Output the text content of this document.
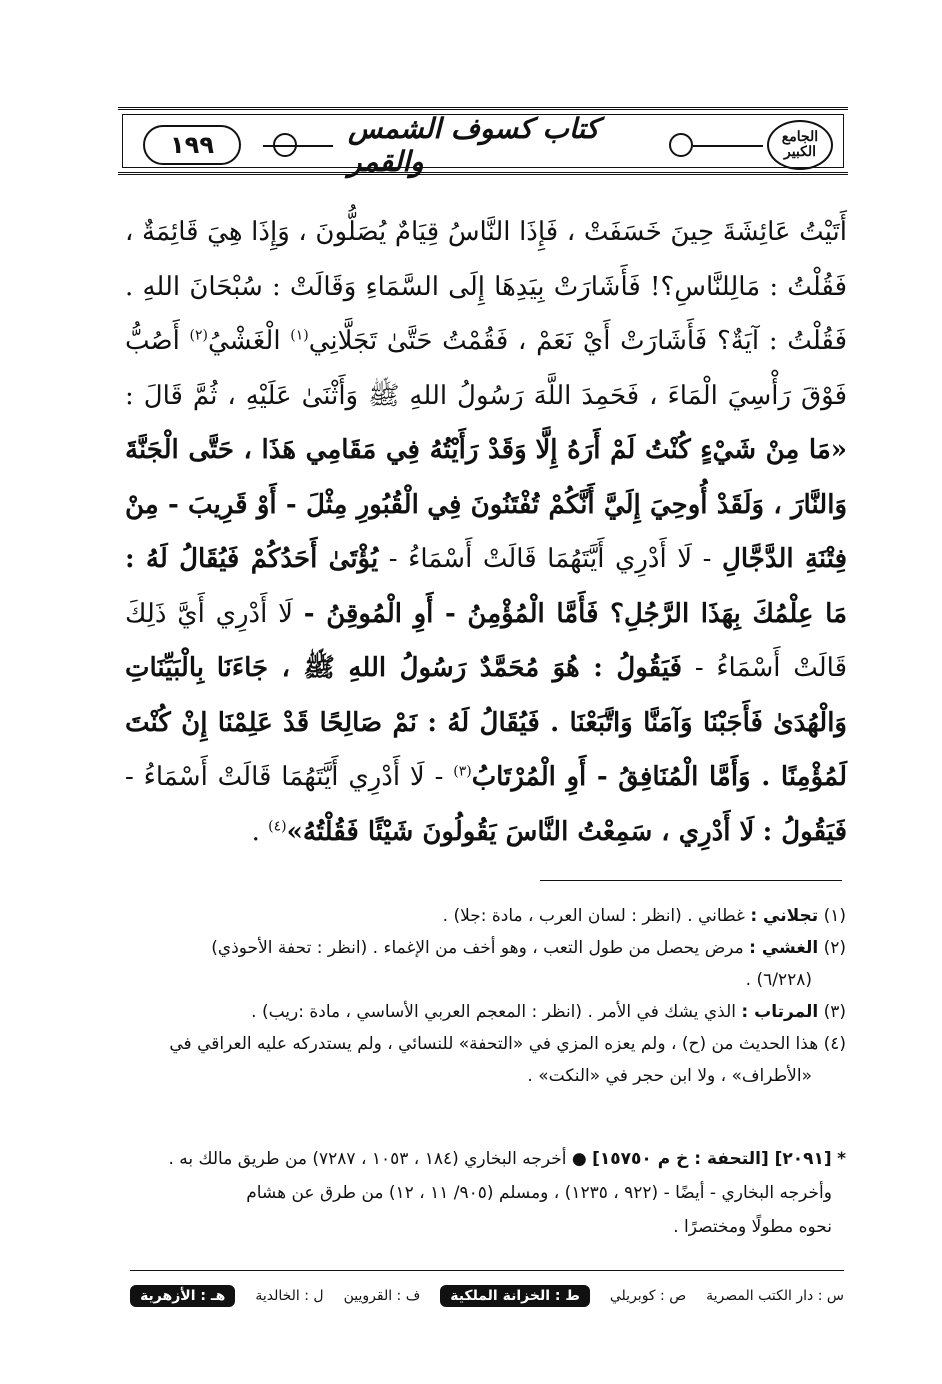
١٩٩	كتاب كسوف الشمس والقمر
الجامع الكبير
أَتَيْتُ عَائِشَةَ حِينَ خَسَفَتْ ، فَإِذَا النَّاسُ قِيَامٌ يُصَلُّونَ ، وَإِذَا هِيَ قَائِمَةٌ ، فَقُلْتُ : مَالِلنَّاسِ؟! فَأَشَارَتْ بِيَدِهَا إِلَى السَّمَاءِ وَقَالَتْ : سُبْحَانَ اللهِ . فَقُلْتُ : آيَةٌ؟ فَأَشَارَتْ أَيْ نَعَمْ ، فَقُمْتُ حَتَّىٰ تَجَلَّانِي$^{(١)}$ الْغَشْيُ$^{(٢)}$ أَصُبُّ فَوْقَ رَأْسِيَ الْمَاءَ ، فَحَمِدَ اللَّهَ رَسُولُ اللهِ ﷺ وَأَثْنَىٰ عَلَيْهِ ، ثُمَّ قَالَ : «مَا مِنْ شَيْءٍ كُنْتُ لَمْ أَرَهُ إِلَّا وَقَدْ رَأَيْتُهُ فِي مَقَامِي هَذَا ، حَتَّى الْجَنَّةَ وَالنَّارَ ، وَلَقَدْ أُوحِيَ إِلَيَّ أَنَّكُمْ تُفْتَنُونَ فِي الْقُبُورِ مِثْلَ - أَوْ قَرِيبَ - مِنْ فِتْنَةِ الدَّجَّالِ - لَا أَدْرِي أَيَّتَهُمَا قَالَتْ أَسْمَاءُ - يُؤْتَىٰ أَحَدُكُمْ فَيُقَالُ لَهُ : مَا عِلْمُكَ بِهَذَا الرَّجُلِ؟ فَأَمَّا الْمُؤْمِنُ - أَوِ الْمُوقِنُ - لَا أَدْرِي أَيَّ ذَلِكَ قَالَتْ أَسْمَاءُ - فَيَقُولُ : هُوَ مُحَمَّدٌ رَسُولُ اللهِ ﷺ ، جَاءَنَا بِالْبَيِّنَاتِ وَالْهُدَىٰ فَأَجَبْنَا وَآمَنَّا وَاتَّبَعْنَا . فَيُقَالُ لَهُ : نَمْ صَالِحًا قَدْ عَلِمْنَا إِنْ كُنْتَ لَمُؤْمِنًا . وَأَمَّا الْمُنَافِقُ - أَوِ الْمُرْتَابُ$^{(٣)}$ - لَا أَدْرِي أَيَّتَهُمَا قَالَتْ أَسْمَاءُ - فَيَقُولُ : لَا أَدْرِي ، سَمِعْتُ النَّاسَ يَقُولُونَ شَيْئًا فَقُلْتُهُ»$^{(٤)}$ .

(١) تجلاني : غطاني . (انظر : لسان العرب ، مادة :جلا) .

(٢) الغشي : مرض يحصل من طول التعب ، وهو أخف من الإغماء . (انظر : تحفة الأحوذي)

(٦/٢٢٨) .

(٣) المرتاب : الذي يشك في الأمر . (انظر : المعجم العربي الأساسي ، مادة :ريب) .

(٤) هذا الحديث من (ح) ، ولم يعزه المزي في «التحفة» للنسائي ، ولم يستدركه عليه العراقي في

«الأطراف» ، ولا ابن حجر في «النكت» .

* [٢٠٩١] [التحفة : خ م ١٥٧٥٠] ● أخرجه البخاري (١٨٤ ، ١٠٥٣ ، ٧٢٨٧) من طريق مالك به .
وأخرجه البخاري - أيضًا - (٩٢٢ ، ١٢٣٥) ، ومسلم (٩٠٥/ ١١ ، ١٢) من طرق عن هشام
نحوه مطولًا ومختصرًا .
س : دار الكتب المصرية
ص : كوبريلي
ط : الخزانة الملكية
ف : القرويين
ل : الخالدية
هـ : الأزهرية
